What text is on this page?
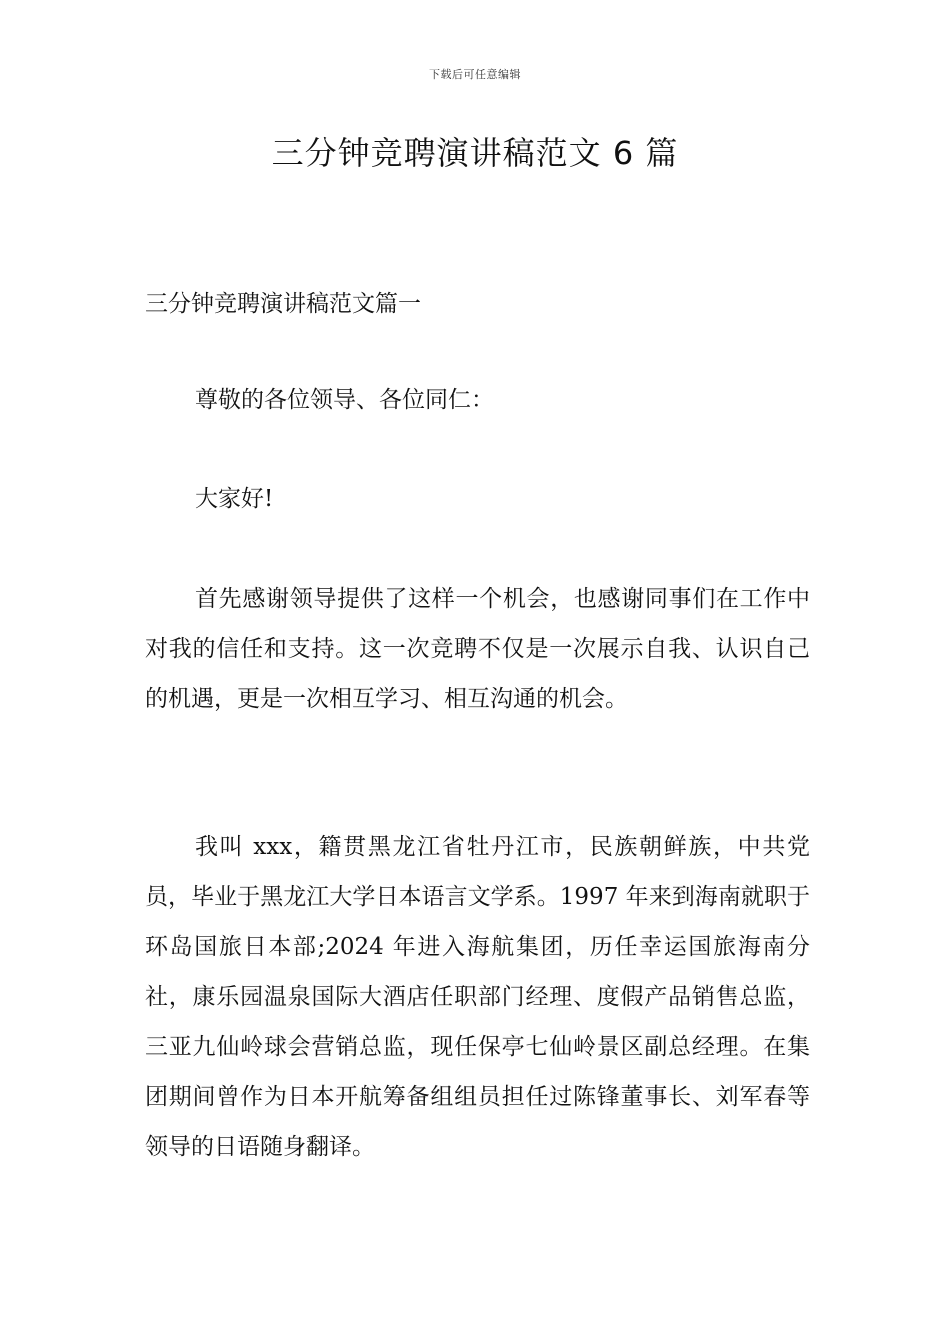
下载后可任意编辑
三分钟竞聘演讲稿范文 6 篇
三分钟竞聘演讲稿范文篇一

尊敬的各位领导、各位同仁：

大家好!

首先感谢领导提供了这样一个机会，也感谢同事们在工作中对我的信任和支持。这一次竞聘不仅是一次展示自我、认识自己的机遇，更是一次相互学习、相互沟通的机会。

我叫 xxx，籍贯黑龙江省牡丹江市，民族朝鲜族，中共党员，毕业于黑龙江大学日本语言文学系。1997 年来到海南就职于环岛国旅日本部;2024 年进入海航集团，历任幸运国旅海南分社，康乐园温泉国际大酒店任职部门经理、度假产品销售总监，三亚九仙岭球会营销总监，现任保亭七仙岭景区副总经理。在集团期间曾作为日本开航筹备组组员担任过陈锋董事长、刘军春等领导的日语随身翻译。
